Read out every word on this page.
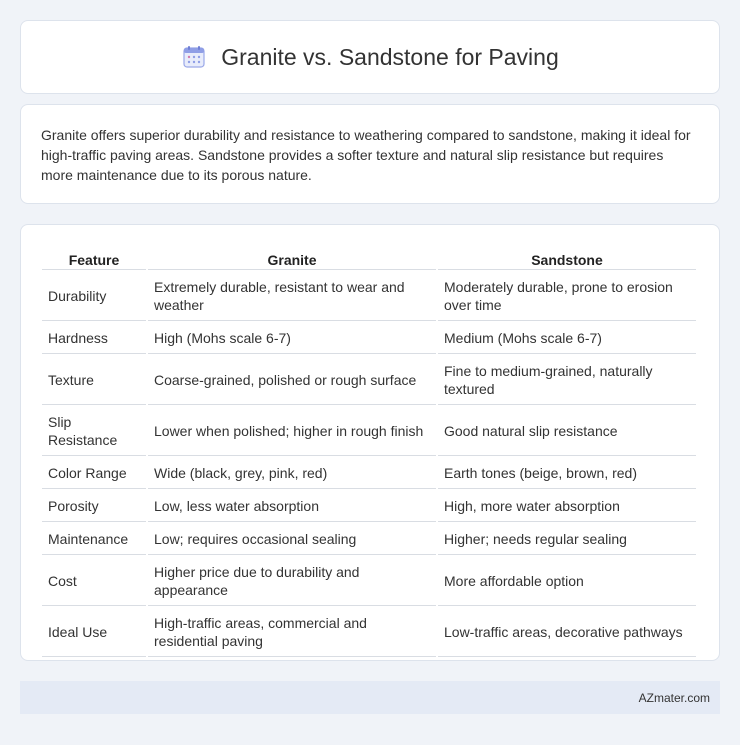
Granite vs. Sandstone for Paving

Granite offers superior durability and resistance to weathering compared to sandstone, making it ideal for high-traffic paving areas. Sandstone provides a softer texture and natural slip resistance but requires more maintenance due to its porous nature.

Feature	Granite	Sandstone
Durability	Extremely durable, resistant to wear and weather	Moderately durable, prone to erosion over time
Hardness	High (Mohs scale 6-7)	Medium (Mohs scale 6-7)
Texture	Coarse-grained, polished or rough surface	Fine to medium-grained, naturally textured
Slip Resistance	Lower when polished; higher in rough finish	Good natural slip resistance
Color Range	Wide (black, grey, pink, red)	Earth tones (beige, brown, red)
Porosity	Low, less water absorption	High, more water absorption
Maintenance	Low; requires occasional sealing	Higher; needs regular sealing
Cost	Higher price due to durability and appearance	More affordable option
Ideal Use	High-traffic areas, commercial and residential paving	Low-traffic areas, decorative pathways
AZmater.com
